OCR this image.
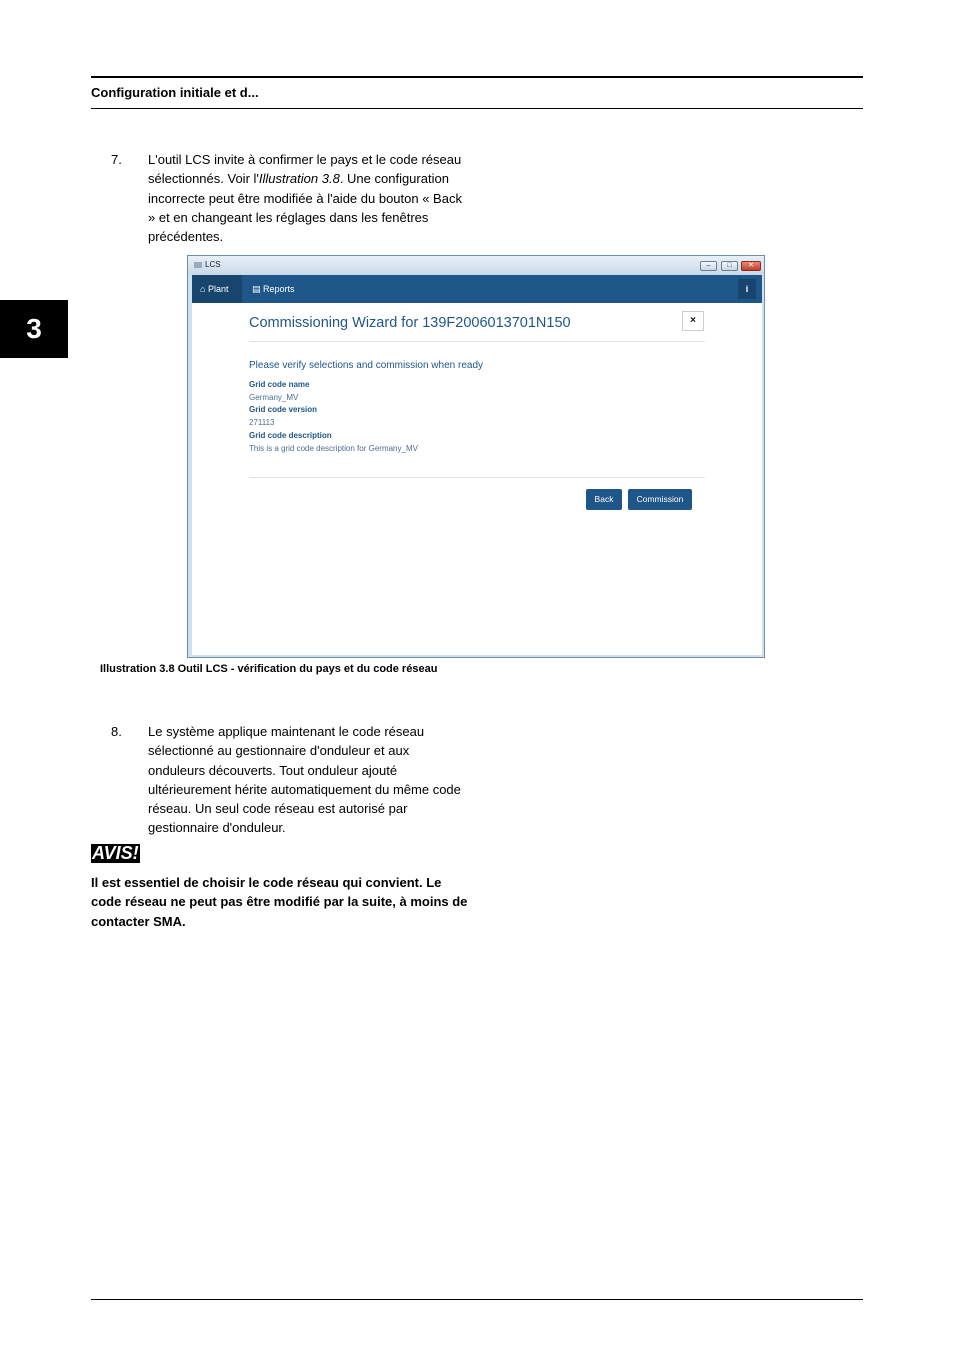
Configuration initiale et d...
3
7. L'outil LCS invite à confirmer le pays et le code réseau sélectionnés. Voir l'Illustration 3.8. Une configuration incorrecte peut être modifiée à l'aide du bouton « Back » et en changeant les réglages dans les fenêtres précédentes.
LCS	–	□	✕
⌂ Plant	▤ Reports	i
Commissioning Wizard for 139F2006013701N150	×
Please verify selections and commission when ready
Grid code name
Germany_MV
Grid code version
271113
Grid code description
This is a grid code description for Germany_MV
Back	Commission
Illustration 3.8 Outil LCS - vérification du pays et du code réseau
8. Le système applique maintenant le code réseau sélectionné au gestionnaire d'onduleur et aux onduleurs découverts. Tout onduleur ajouté ultérieurement hérite automatiquement du même code réseau. Un seul code réseau est autorisé par gestionnaire d'onduleur.
AVIS!
Il est essentiel de choisir le code réseau qui convient. Le code réseau ne peut pas être modifié par la suite, à moins de contacter SMA.
